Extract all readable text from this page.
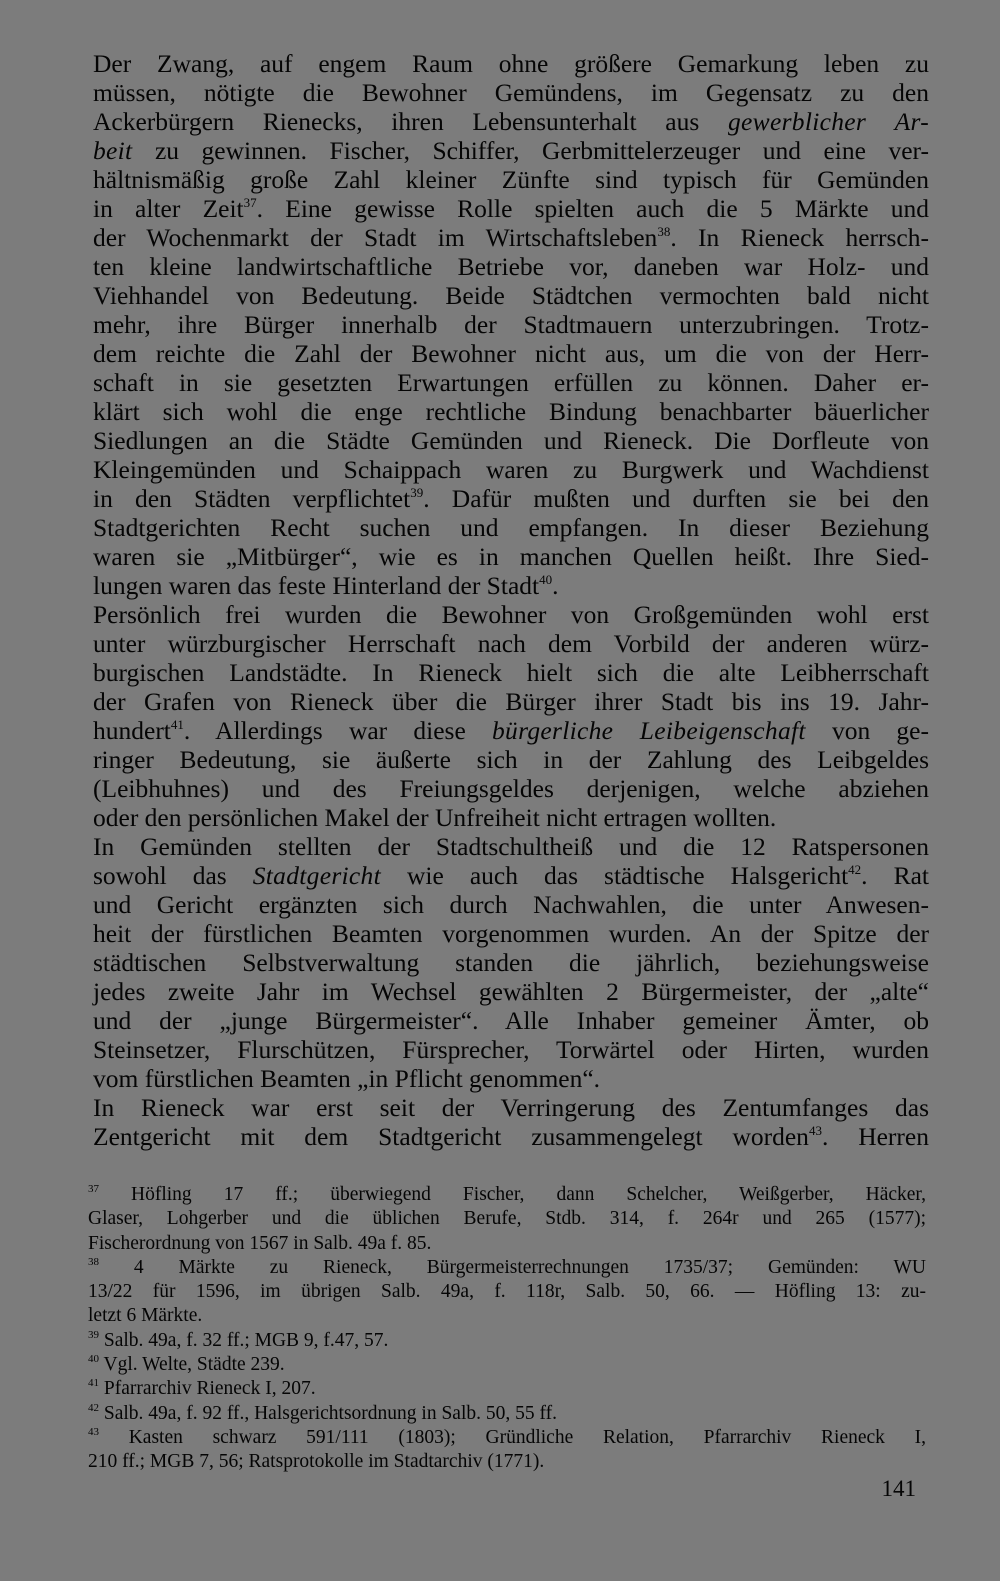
Der Zwang, auf engem Raum ohne größere Gemarkung leben zu
müssen, nötigte die Bewohner Gemündens, im Gegensatz zu den
Ackerbürgern Rienecks, ihren Lebensunterhalt aus gewerblicher Ar-
beit zu gewinnen. Fischer, Schiffer, Gerbmittelerzeuger und eine ver-
hältnismäßig große Zahl kleiner Zünfte sind typisch für Gemünden
in alter Zeit$^{37}$. Eine gewisse Rolle spielten auch die 5 Märkte und
der Wochenmarkt der Stadt im Wirtschaftsleben$^{38}$. In Rieneck herrsch-
ten kleine landwirtschaftliche Betriebe vor, daneben war Holz- und
Viehhandel von Bedeutung. Beide Städtchen vermochten bald nicht
mehr, ihre Bürger innerhalb der Stadtmauern unterzubringen. Trotz-
dem reichte die Zahl der Bewohner nicht aus, um die von der Herr-
schaft in sie gesetzten Erwartungen erfüllen zu können. Daher er-
klärt sich wohl die enge rechtliche Bindung benachbarter bäuerlicher
Siedlungen an die Städte Gemünden und Rieneck. Die Dorfleute von
Kleingemünden und Schaippach waren zu Burgwerk und Wachdienst
in den Städten verpflichtet$^{39}$. Dafür mußten und durften sie bei den
Stadtgerichten Recht suchen und empfangen. In dieser Beziehung
waren sie „Mitbürger“, wie es in manchen Quellen heißt. Ihre Sied-
lungen waren das feste Hinterland der Stadt$^{40}$.
Persönlich frei wurden die Bewohner von Großgemünden wohl erst
unter würzburgischer Herrschaft nach dem Vorbild der anderen würz-
burgischen Landstädte. In Rieneck hielt sich die alte Leibherrschaft
der Grafen von Rieneck über die Bürger ihrer Stadt bis ins 19. Jahr-
hundert$^{41}$. Allerdings war diese bürgerliche Leibeigenschaft von ge-
ringer Bedeutung, sie äußerte sich in der Zahlung des Leibgeldes
(Leibhuhnes) und des Freiungsgeldes derjenigen, welche abziehen
oder den persönlichen Makel der Unfreiheit nicht ertragen wollten.
In Gemünden stellten der Stadtschultheiß und die 12 Ratspersonen
sowohl das Stadtgericht wie auch das städtische Halsgericht$^{42}$. Rat
und Gericht ergänzten sich durch Nachwahlen, die unter Anwesen-
heit der fürstlichen Beamten vorgenommen wurden. An der Spitze der
städtischen Selbstverwaltung standen die jährlich, beziehungsweise
jedes zweite Jahr im Wechsel gewählten 2 Bürgermeister, der „alte“
und der „junge Bürgermeister“. Alle Inhaber gemeiner Ämter, ob
Steinsetzer, Flurschützen, Fürsprecher, Torwärtel oder Hirten, wurden
vom fürstlichen Beamten „in Pflicht genommen“.
In Rieneck war erst seit der Verringerung des Zentumfanges das
Zentgericht mit dem Stadtgericht zusammengelegt worden$^{43}$. Herren
$^{37}$ Höfling 17 ff.; überwiegend Fischer, dann Schelcher, Weißgerber, Häcker,
Glaser, Lohgerber und die üblichen Berufe, Stdb. 314, f. 264r und 265 (1577);
Fischerordnung von 1567 in Salb. 49a f. 85.
$^{38}$ 4 Märkte zu Rieneck, Bürgermeisterrechnungen 1735/37; Gemünden: WU
13/22 für 1596, im übrigen Salb. 49a, f. 118r, Salb. 50, 66. — Höfling 13: zu-
letzt 6 Märkte.
$^{39}$ Salb. 49a, f. 32 ff.; MGB 9, f.47, 57.
$^{40}$ Vgl. Welte, Städte 239.
$^{41}$ Pfarrarchiv Rieneck I, 207.
$^{42}$ Salb. 49a, f. 92 ff., Halsgerichtsordnung in Salb. 50, 55 ff.
$^{43}$ Kasten schwarz 591/111 (1803); Gründliche Relation, Pfarrarchiv Rieneck I,
210 ff.; MGB 7, 56; Ratsprotokolle im Stadtarchiv (1771).
141
